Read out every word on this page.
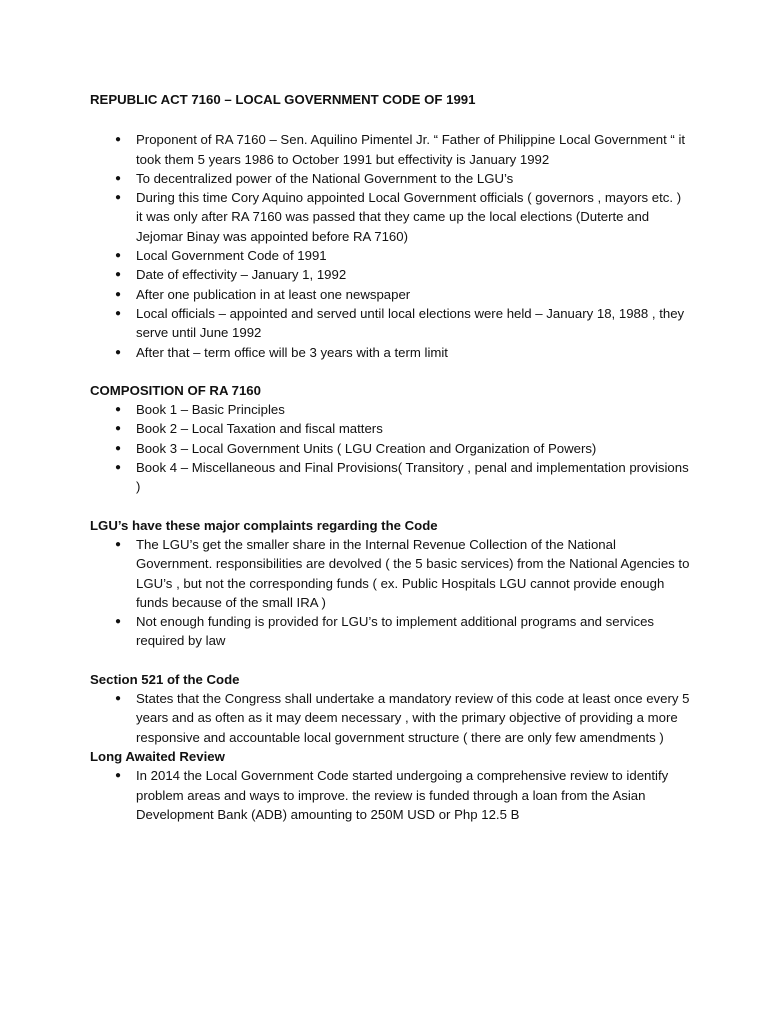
REPUBLIC ACT 7160 – LOCAL GOVERNMENT CODE OF 1991

● Proponent of RA 7160 – Sen. Aquilino Pimentel Jr. “ Father of Philippine Local Government “ it took them 5 years 1986 to October 1991 but effectivity is January 1992
● To decentralized power of the National Government to the LGU’s
● During this time Cory Aquino appointed Local Government officials ( governors , mayors etc. ) it was only after RA 7160 was passed that they came up the local elections (Duterte and Jejomar Binay was appointed before RA 7160)
● Local Government Code of 1991
● Date of effectivity – January 1, 1992
● After one publication in at least one newspaper
● Local officials – appointed and served until local elections were held – January 18, 1988 , they serve until June 1992
● After that – term office will be 3 years with a term limit

COMPOSITION OF RA 7160

● Book 1 – Basic Principles
● Book 2 – Local Taxation and fiscal matters
● Book 3 – Local Government Units ( LGU Creation and Organization of Powers)
● Book 4 – Miscellaneous and Final Provisions( Transitory , penal and implementation provisions )

LGU’s have these major complaints regarding the Code

● The LGU’s get the smaller share in the Internal Revenue Collection of the National Government. responsibilities are devolved ( the 5 basic services) from the National Agencies to LGU’s , but not the corresponding funds ( ex. Public Hospitals LGU cannot provide enough funds because of the small IRA )
● Not enough funding is provided for LGU’s to implement additional programs and services required by law

Section 521 of the Code

● States that the Congress shall undertake a mandatory review of this code at least once every 5 years and as often as it may deem necessary , with the primary objective of providing a more responsive and accountable local government structure ( there are only few amendments )

Long Awaited Review

● In 2014 the Local Government Code started undergoing a comprehensive review to identify problem areas and ways to improve. the review is funded through a loan from the Asian Development Bank (ADB) amounting to 250M USD or Php 12.5 B
